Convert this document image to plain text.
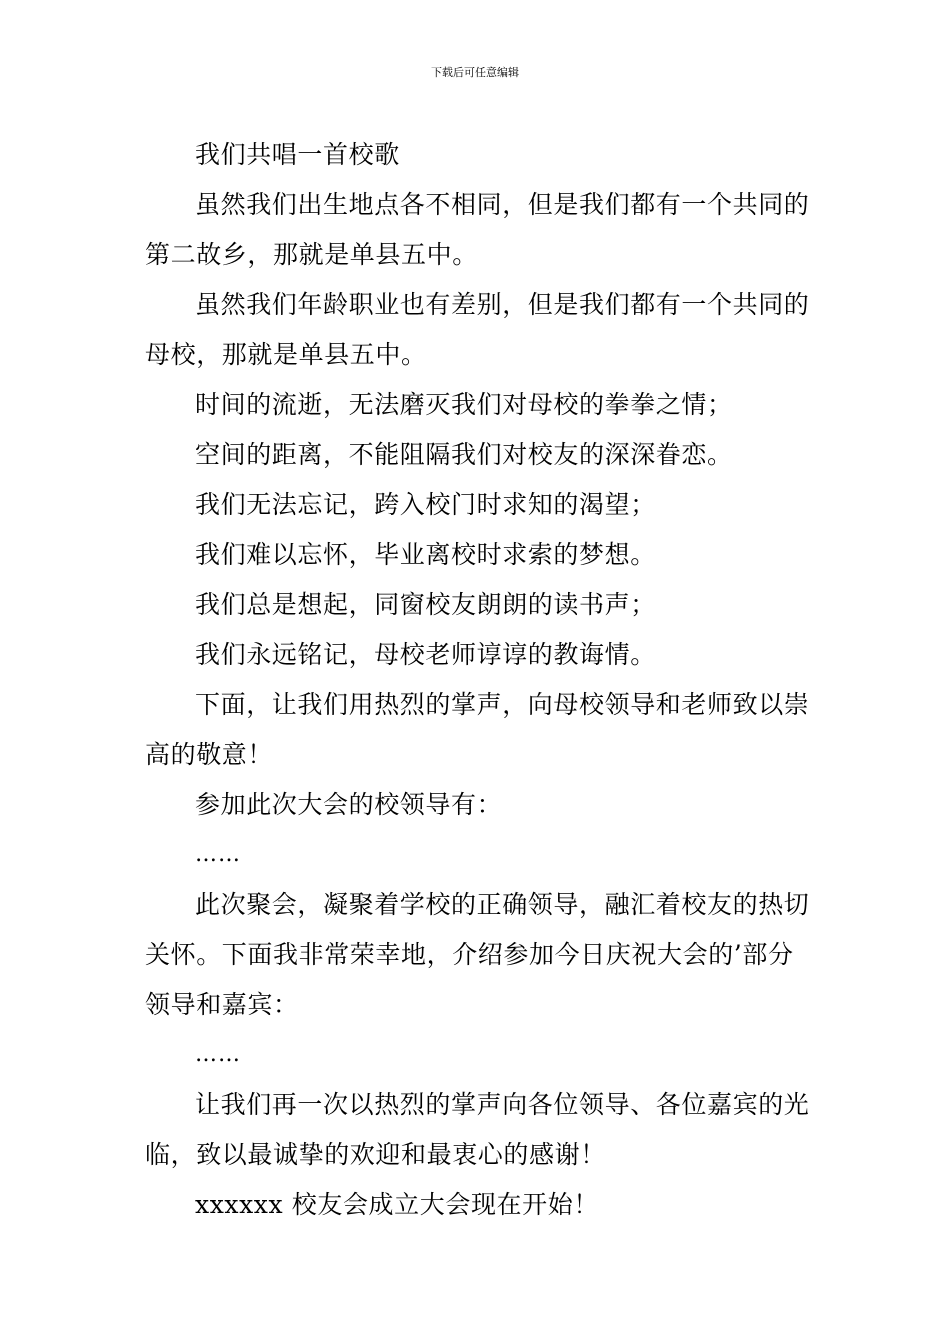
下载后可任意编辑

我们共唱一首校歌

虽然我们出生地点各不相同，但是我们都有一个共同的第二故乡，那就是单县五中。

虽然我们年龄职业也有差别，但是我们都有一个共同的母校，那就是单县五中。

时间的流逝，无法磨灭我们对母校的拳拳之情；

空间的距离，不能阻隔我们对校友的深深眷恋。

我们无法忘记，跨入校门时求知的渴望；

我们难以忘怀，毕业离校时求索的梦想。

我们总是想起，同窗校友朗朗的读书声；

我们永远铭记，母校老师谆谆的教诲情。

下面，让我们用热烈的掌声，向母校领导和老师致以崇高的敬意！

参加此次大会的校领导有：

……

此次聚会，凝聚着学校的正确领导，融汇着校友的热切关怀。下面我非常荣幸地，介绍参加今日庆祝大会的’部分领导和嘉宾：

……

让我们再一次以热烈的掌声向各位领导、各位嘉宾的光临，致以最诚挚的欢迎和最衷心的感谢！

xxxxxx 校友会成立大会现在开始！
